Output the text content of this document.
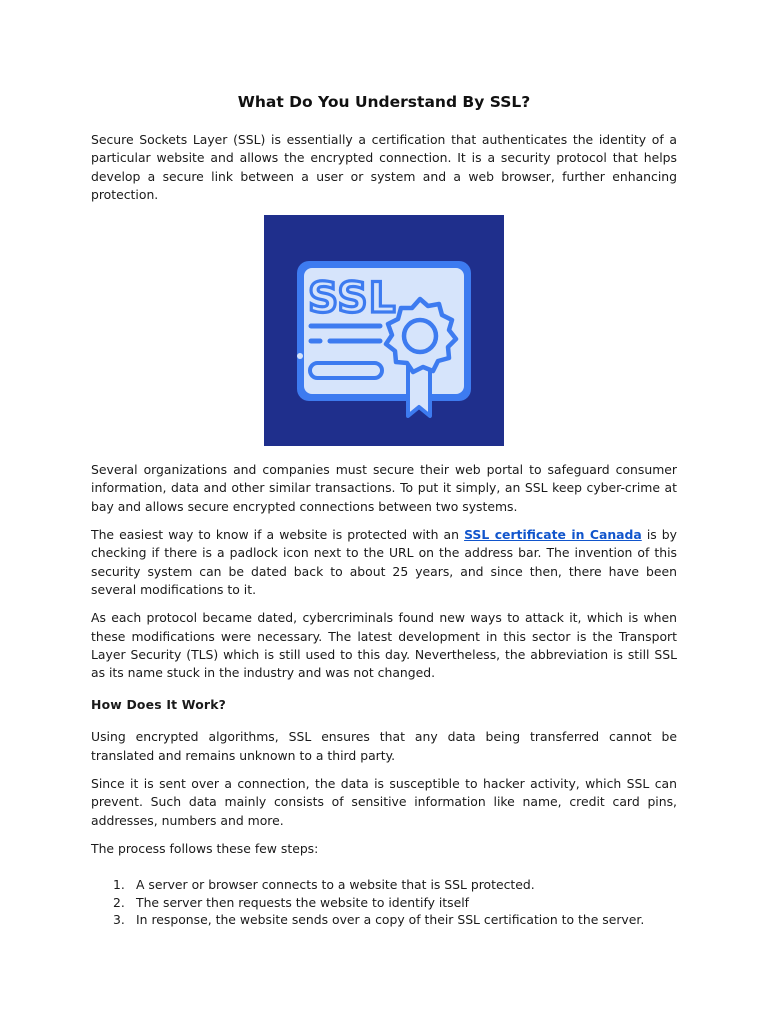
What Do You Understand By SSL?

Secure Sockets Layer (SSL) is essentially a certification that authenticates the identity of a particular website and allows the encrypted connection. It is a security protocol that helps develop a secure link between a user or system and a web browser, further enhancing protection.

SSL

Several organizations and companies must secure their web portal to safeguard consumer information, data and other similar transactions. To put it simply, an SSL keep cyber-crime at bay and allows secure encrypted connections between two systems.

The easiest way to know if a website is protected with an SSL certificate in Canada is by checking if there is a padlock icon next to the URL on the address bar. The invention of this security system can be dated back to about 25 years, and since then, there have been several modifications to it.

As each protocol became dated, cybercriminals found new ways to attack it, which is when these modifications were necessary. The latest development in this sector is the Transport Layer Security (TLS) which is still used to this day. Nevertheless, the abbreviation is still SSL as its name stuck in the industry and was not changed.

How Does It Work?

Using encrypted algorithms, SSL ensures that any data being transferred cannot be translated and remains unknown to a third party.

Since it is sent over a connection, the data is susceptible to hacker activity, which SSL can prevent. Such data mainly consists of sensitive information like name, credit card pins, addresses, numbers and more.

The process follows these few steps:

1. A server or browser connects to a website that is SSL protected.
2. The server then requests the website to identify itself
3. In response, the website sends over a copy of their SSL certification to the server.
